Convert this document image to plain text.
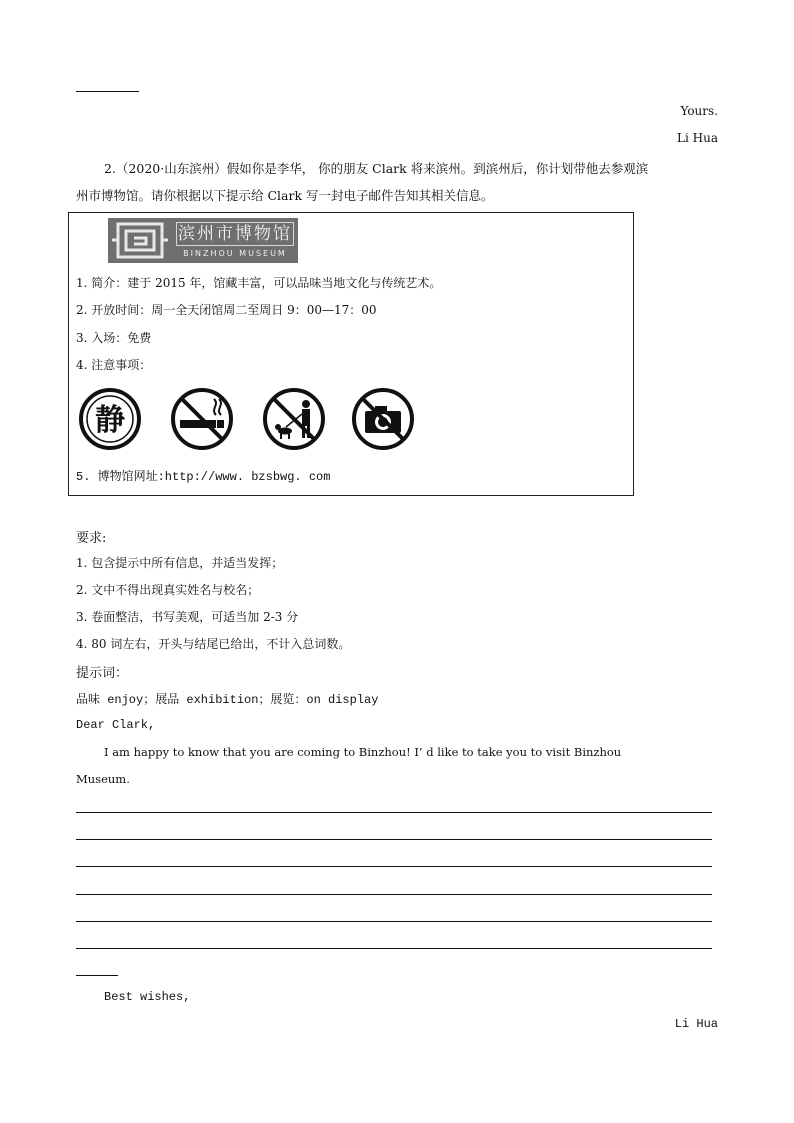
Yours.
Li Hua
2.（2020·山东滨州）假如你是李华， 你的朋友 Clark 将来滨州。到滨州后，你计划带他去参观滨
州市博物馆。请你根据以下提示给 Clark 写一封电子邮件告知其相关信息。
滨州市博物馆
BINZHOU MUSEUM
1. 简介：建于 2015 年，馆藏丰富，可以品味当地文化与传统艺术。
2. 开放时间：周一全天闭馆周二至周日 9：00—17：00
3. 入场：免费
4. 注意事项：
静
5. 博物馆网址:http://www. bzsbwg. com
要求:
1. 包含提示中所有信息，并适当发挥；
2. 文中不得出现真实姓名与校名；
3. 卷面整洁，书写美观，可适当加 2-3 分
4. 80 词左右，开头与结尾已给出，不计入总词数。
提示词：
品味 enjoy；展品 exhibition；展览：on display
Dear Clark,
I am happy to know that you are coming to Binzhou! I’ d like to take you to visit Binzhou
Museum.
Best wishes,
Li Hua
